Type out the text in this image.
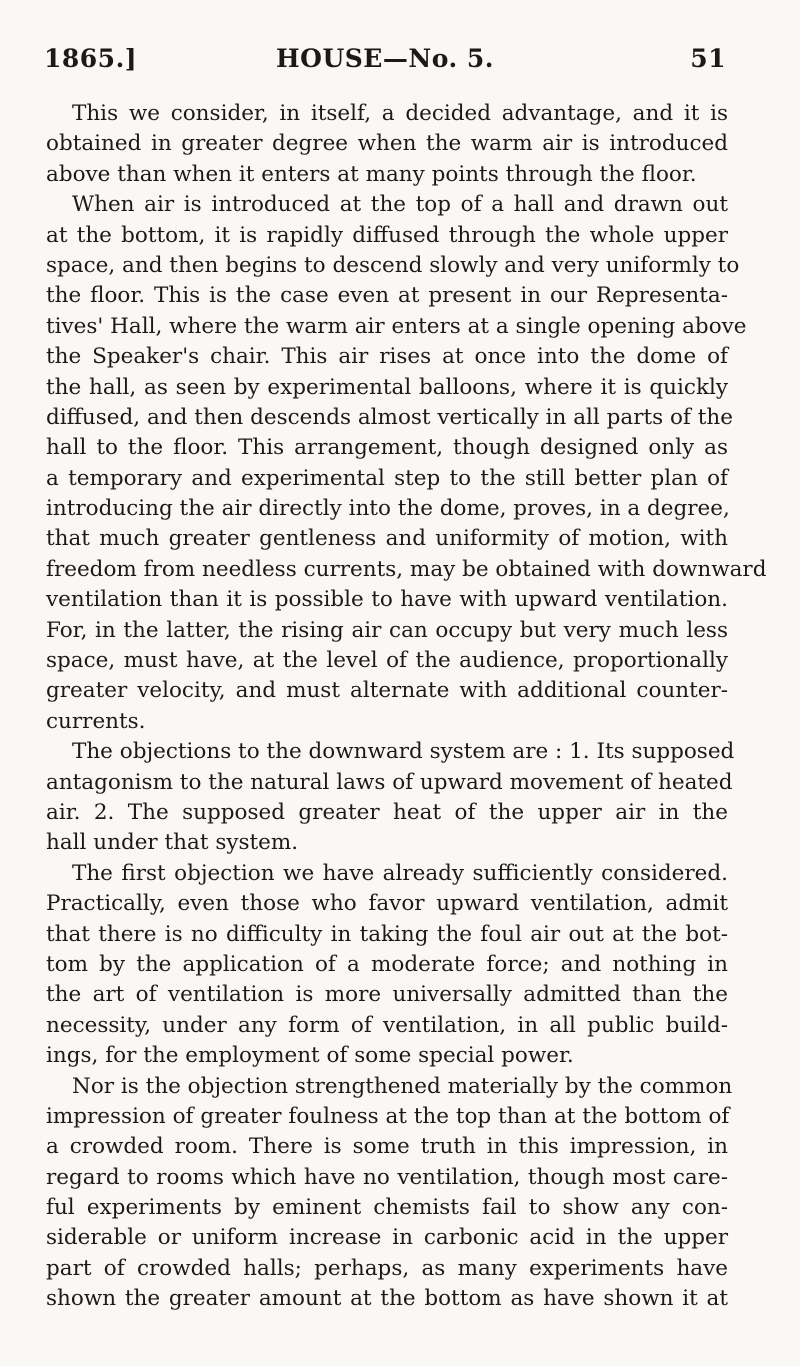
1865.]	HOUSE—No. 5.	51
This we consider, in itself, a decided advantage, and it is
obtained in greater degree when the warm air is introduced
above than when it enters at many points through the floor.
When air is introduced at the top of a hall and drawn out
at the bottom, it is rapidly diffused through the whole upper
space, and then begins to descend slowly and very uniformly to
the floor. This is the case even at present in our Representa-
tives' Hall, where the warm air enters at a single opening above
the Speaker's chair. This air rises at once into the dome of
the hall, as seen by experimental balloons, where it is quickly
diffused, and then descends almost vertically in all parts of the
hall to the floor. This arrangement, though designed only as
a temporary and experimental step to the still better plan of
introducing the air directly into the dome, proves, in a degree,
that much greater gentleness and uniformity of motion, with
freedom from needless currents, may be obtained with downward
ventilation than it is possible to have with upward ventilation.
For, in the latter, the rising air can occupy but very much less
space, must have, at the level of the audience, proportionally
greater velocity, and must alternate with additional counter-
currents.
The objections to the downward system are : 1. Its supposed
antagonism to the natural laws of upward movement of heated
air. 2. The supposed greater heat of the upper air in the
hall under that system.
The first objection we have already sufficiently considered.
Practically, even those who favor upward ventilation, admit
that there is no difficulty in taking the foul air out at the bot-
tom by the application of a moderate force; and nothing in
the art of ventilation is more universally admitted than the
necessity, under any form of ventilation, in all public build-
ings, for the employment of some special power.
Nor is the objection strengthened materially by the common
impression of greater foulness at the top than at the bottom of
a crowded room. There is some truth in this impression, in
regard to rooms which have no ventilation, though most care-
ful experiments by eminent chemists fail to show any con-
siderable or uniform increase in carbonic acid in the upper
part of crowded halls; perhaps, as many experiments have
shown the greater amount at the bottom as have shown it at
